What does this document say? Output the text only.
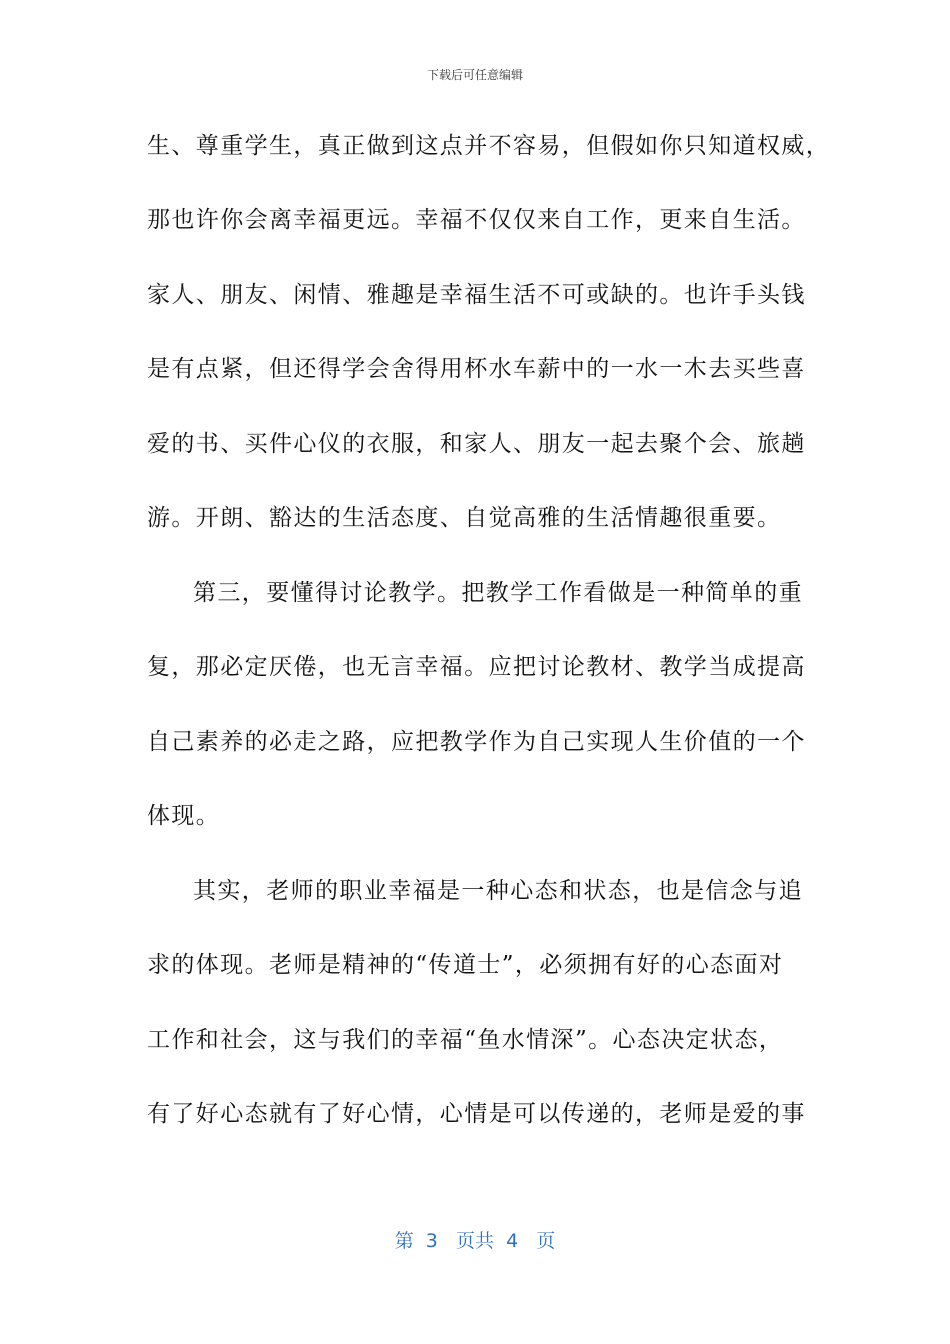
下载后可任意编辑
生、尊重学生，真正做到这点并不容易，但假如你只知道权威，
那也许你会离幸福更远。幸福不仅仅来自工作，更来自生活。
家人、朋友、闲情、雅趣是幸福生活不可或缺的。也许手头钱
是有点紧，但还得学会舍得用杯水车薪中的一水一木去买些喜
爱的书、买件心仪的衣服，和家人、朋友一起去聚个会、旅趟
游。开朗、豁达的生活态度、自觉高雅的生活情趣很重要。
第三，要懂得讨论教学。把教学工作看做是一种简单的重
复，那必定厌倦，也无言幸福。应把讨论教材、教学当成提高
自己素养的必走之路，应把教学作为自己实现人生价值的一个
体现。
其实，老师的职业幸福是一种心态和状态，也是信念与追
求的体现。老师是精神的“传道士”，必须拥有好的心态面对
工作和社会，这与我们的幸福“鱼水情深”。心态决定状态，
有了好心态就有了好心情，心情是可以传递的，老师是爱的事
第  3   页共  4   页
